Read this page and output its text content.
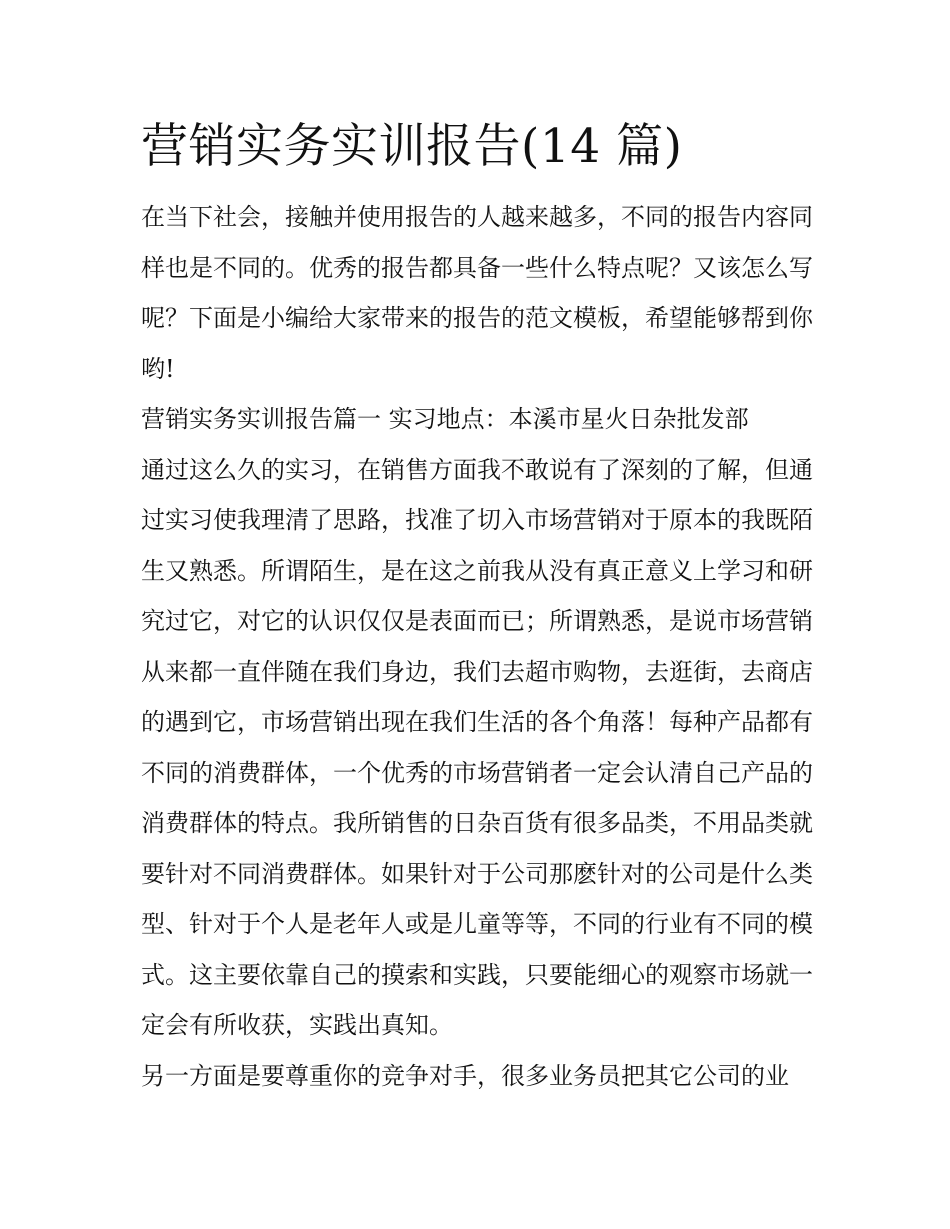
营销实务实训报告(14 篇)

在当下社会，接触并使用报告的人越来越多，不同的报告内容同样也是不同的。优秀的报告都具备一些什么特点呢？又该怎么写呢？下面是小编给大家带来的报告的范文模板，希望能够帮到你哟!

营销实务实训报告篇一 实习地点：本溪市星火日杂批发部

通过这么久的实习，在销售方面我不敢说有了深刻的了解，但通过实习使我理清了思路，找准了切入市场营销对于原本的我既陌生又熟悉。所谓陌生，是在这之前我从没有真正意义上学习和研究过它，对它的认识仅仅是表面而已；所谓熟悉，是说市场营销从来都一直伴随在我们身边，我们去超市购物，去逛街，去商店的遇到它，市场营销出现在我们生活的各个角落！每种产品都有不同的消费群体，一个优秀的市场营销者一定会认清自己产品的消费群体的特点。我所销售的日杂百货有很多品类，不用品类就要针对不同消费群体。如果针对于公司那麽针对的公司是什么类型、针对于个人是老年人或是儿童等等，不同的行业有不同的模式。这主要依靠自己的摸索和实践，只要能细心的观察市场就一定会有所收获，实践出真知。

另一方面是要尊重你的竞争对手，很多业务员把其它公司的业
